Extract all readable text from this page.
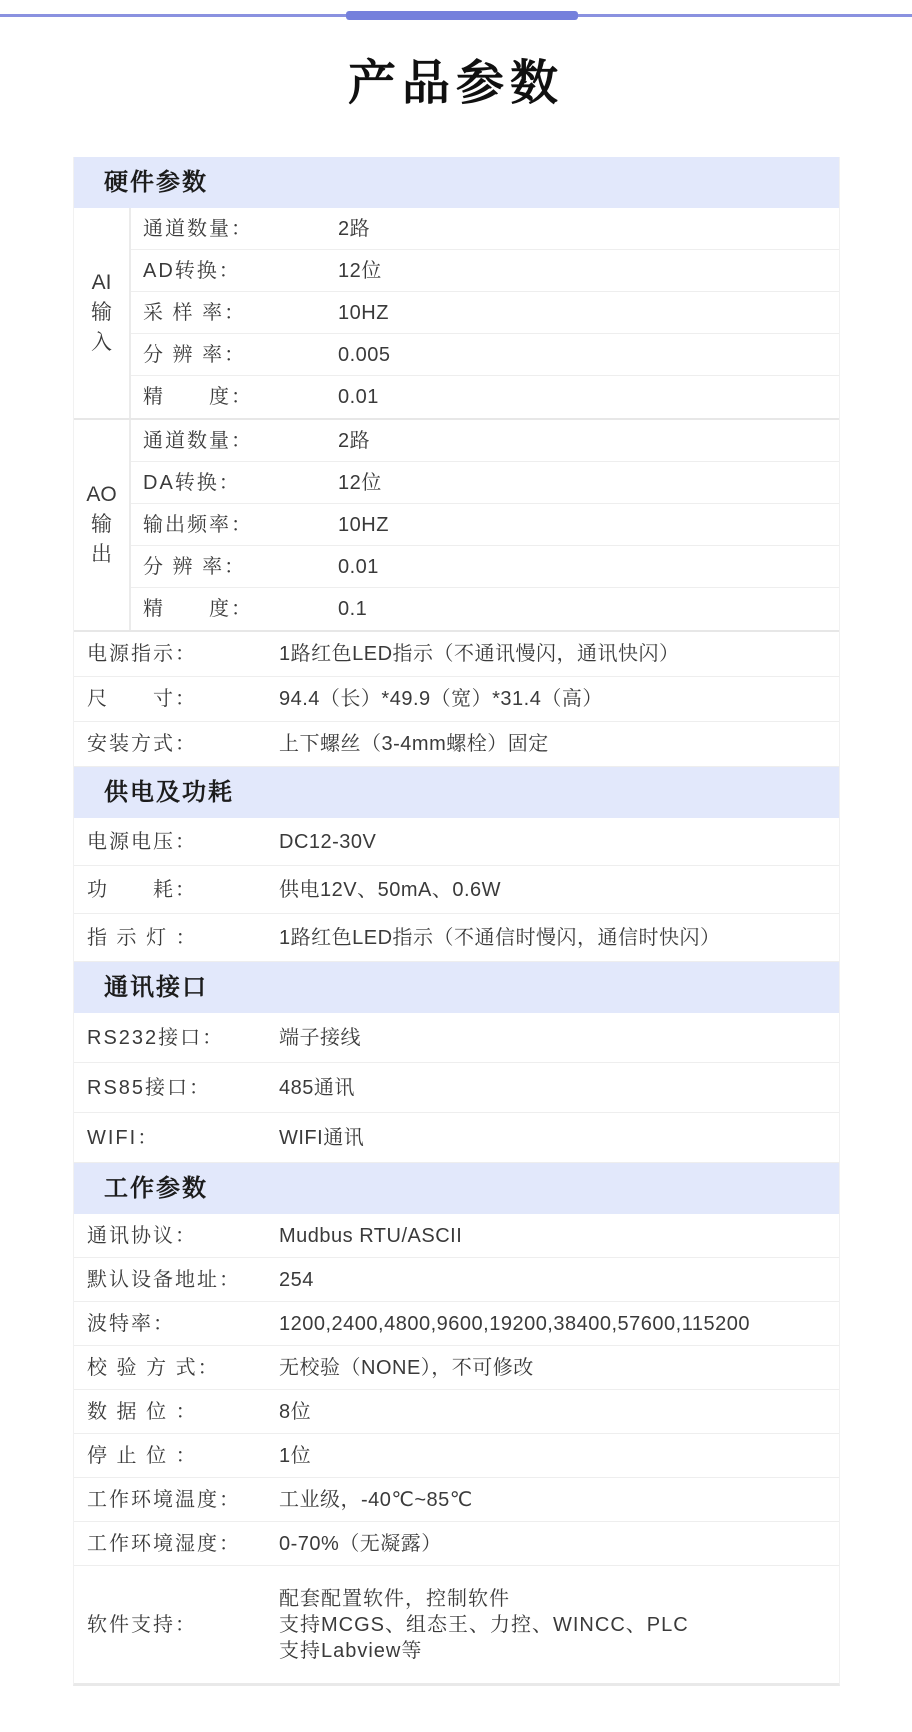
产品参数
硬件参数
AI
输
入
通道数量：	2路
AD转换：	12位
采 样 率：	10HZ
分 辨 率：	0.005
精　　度：	0.01
AO
输
出
通道数量：	2路
DA转换：	12位
输出频率：	10HZ
分 辨 率：	0.01
精　　度：	0.1
电源指示：	1路红色LED指示（不通讯慢闪，通讯快闪）
尺　　寸：	94.4（长）*49.9（宽）*31.4（高）
安装方式：	上下螺丝（3-4mm螺栓）固定
供电及功耗
电源电压：	DC12-30V
功　　耗：	供电12V、50mA、0.6W
指 示 灯 ：	1路红色LED指示（不通信时慢闪，通信时快闪）
通讯接口
RS232接口：	端子接线
RS85接口：	485通讯
WIFI：	WIFI通讯
工作参数
通讯协议：	Mudbus RTU/ASCII
默认设备地址： 254
波特率：	1200,2400,4800,9600,19200,38400,57600,115200
校 验 方 式：	无校验（NONE），不可修改
数 据 位 ：	8位
停 止 位 ：	1位
工作环境温度： 工业级，-40℃~85℃
工作环境湿度： 0-70%（无凝露）
软件支持：
配套配置软件，控制软件
支持MCGS、组态王、力控、WINCC、PLC
支持Labview等
